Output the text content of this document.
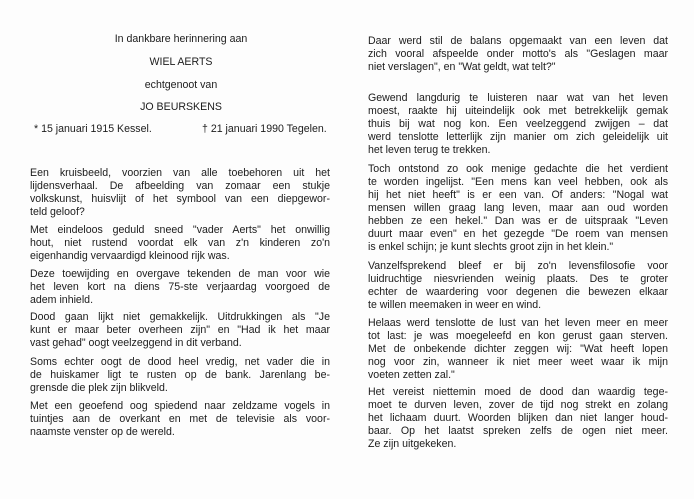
In dankbare herinnering aan
WIEL AERTS
echtgenoot van
JO BEURSKENS
* 15 januari 1915 Kessel.	† 21 januari 1990 Tegelen.
Een kruisbeeld, voorzien van alle toebehoren uit het
lijdensverhaal. De afbeelding van zomaar een stukje
volkskunst, huisvlijt of het symbool van een diepgewor-
teld geloof?
Met eindeloos geduld sneed "vader Aerts" het onwillig
hout, niet rustend voordat elk van z'n kinderen zo'n
eigenhandig vervaardigd kleinood rijk was.
Deze toewijding en overgave tekenden de man voor wie
het leven kort na diens 75-ste verjaardag voorgoed de
adem inhield.
Dood gaan lijkt niet gemakkelijk. Uitdrukkingen als "Je
kunt er maar beter overheen zijn" en "Had ik het maar
vast gehad" oogt veelzeggend in dit verband.
Soms echter oogt de dood heel vredig, net vader die in
de huiskamer ligt te rusten op de bank. Jarenlang be-
grensde die plek zijn blikveld.
Met een geoefend oog spiedend naar zeldzame vogels in
tuintjes aan de overkant en met de televisie als voor-
naamste venster op de wereld.
Daar werd stil de balans opgemaakt van een leven dat
zich vooral afspeelde onder motto's als "Geslagen maar
niet verslagen", en "Wat geldt, wat telt?"
Gewend langdurig te luisteren naar wat van het leven
moest, raakte hij uiteindelijk ook met betrekkelijk gemak
thuis bij wat nog kon. Een veelzeggend zwijgen – dat
werd tenslotte letterlijk zijn manier om zich geleidelijk uit
het leven terug te trekken.
Toch ontstond zo ook menige gedachte die het verdient
te worden ingelijst. "Een mens kan veel hebben, ook als
hij het niet heeft" is er een van. Of anders: "Nogal wat
mensen willen graag lang leven, maar aan oud worden
hebben ze een hekel." Dan was er de uitspraak "Leven
duurt maar even" en het gezegde "De roem van mensen
is enkel schijn; je kunt slechts groot zijn in het klein."
Vanzelfsprekend bleef er bij zo'n levensfilosofie voor
luidruchtige niesvrienden weinig plaats. Des te groter
echter de waardering voor degenen die bewezen elkaar
te willen meemaken in weer en wind.
Helaas werd tenslotte de lust van het leven meer en meer
tot last: je was moegeleefd en kon gerust gaan sterven.
Met de onbekende dichter zeggen wij: "Wat heeft lopen
nog voor zin, wanneer ik niet meer weet waar ik mijn
voeten zetten zal."
Het vereist niettemin moed de dood dan waardig tege-
moet te durven leven, zover de tijd nog strekt en zolang
het lichaam duurt. Woorden blijken dan niet langer houd-
baar. Op het laatst spreken zelfs de ogen niet meer.
Ze zijn uitgekeken.
